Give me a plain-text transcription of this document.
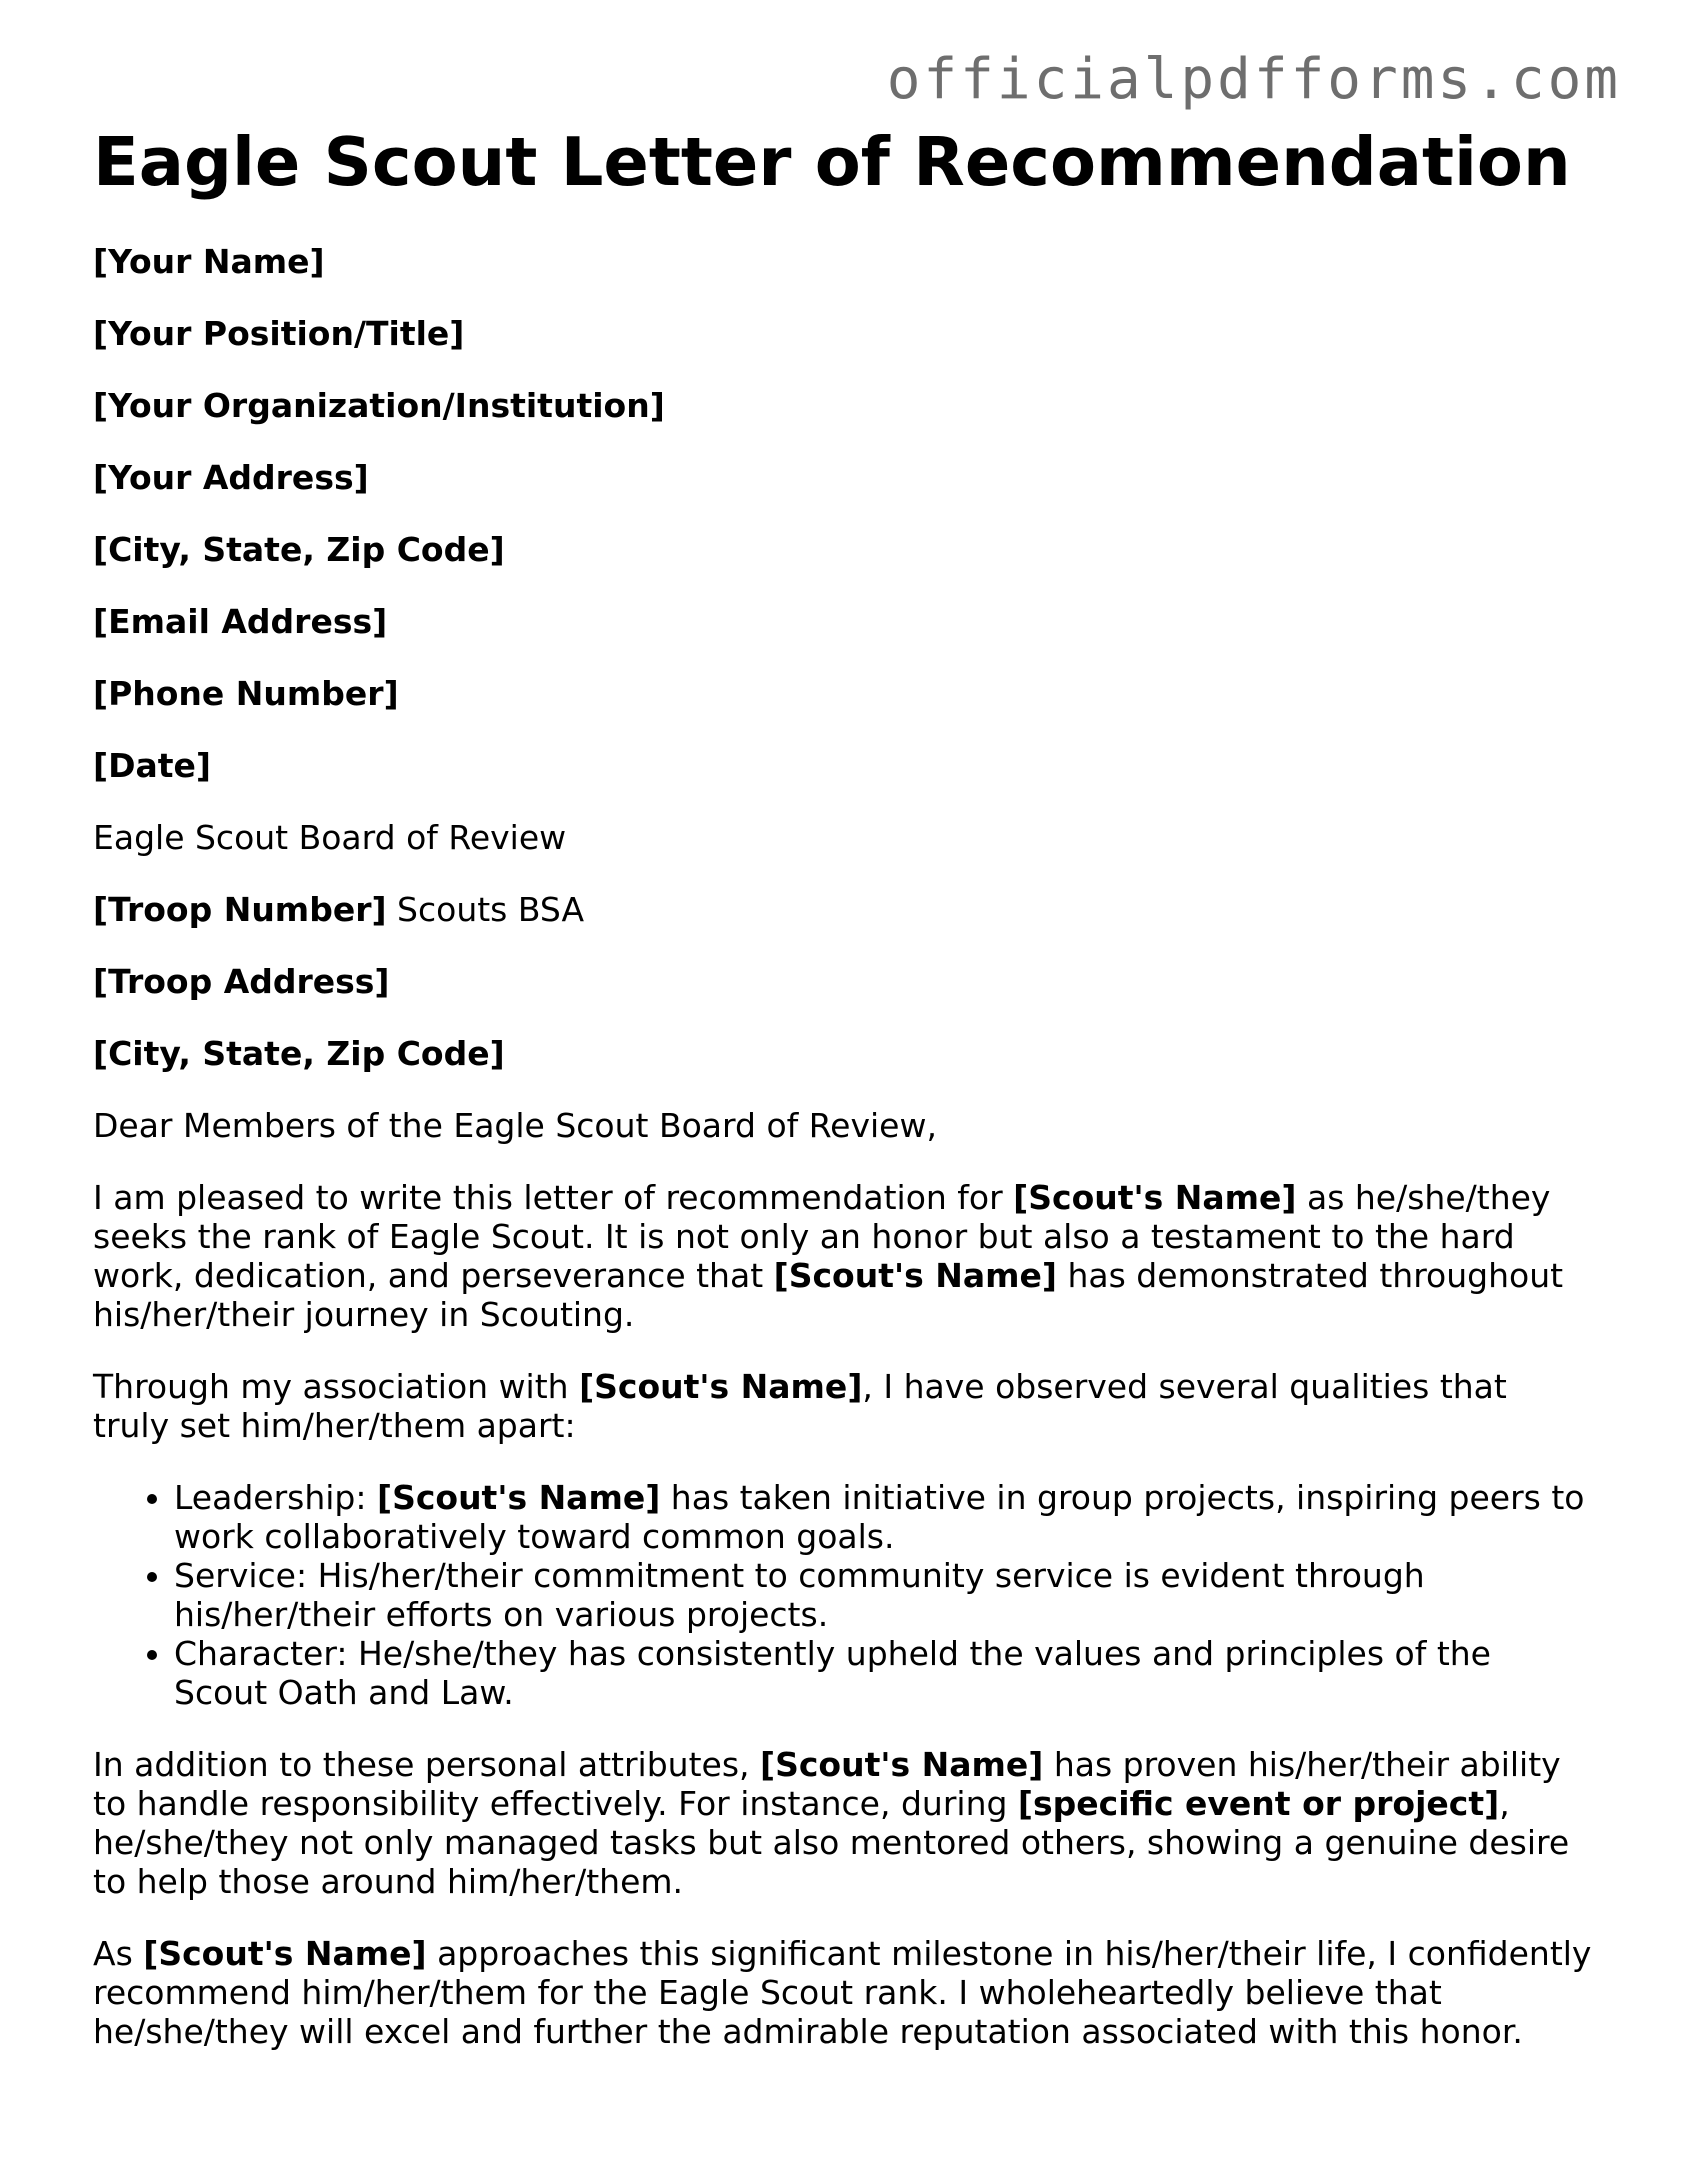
officialpdfforms.com
Eagle Scout Letter of Recommendation

[Your Name]

[Your Position/Title]

[Your Organization/Institution]

[Your Address]

[City, State, Zip Code]

[Email Address]

[Phone Number]

[Date]

Eagle Scout Board of Review

[Troop Number] Scouts BSA

[Troop Address]

[City, State, Zip Code]

Dear Members of the Eagle Scout Board of Review,

I am pleased to write this letter of recommendation for [Scout's Name] as he/she/they seeks the rank of Eagle Scout. It is not only an honor but also a testament to the hard work, dedication, and perseverance that [Scout's Name] has demonstrated throughout his/her/their journey in Scouting.

Through my association with [Scout's Name], I have observed several qualities that truly set him/her/them apart:

• Leadership: [Scout's Name] has taken initiative in group projects, inspiring peers to work collaboratively toward common goals.
• Service: His/her/their commitment to community service is evident through his/her/their efforts on various projects.
• Character: He/she/they has consistently upheld the values and principles of the Scout Oath and Law.

In addition to these personal attributes, [Scout's Name] has proven his/her/their ability to handle responsibility effectively. For instance, during [specific event or project], he/she/they not only managed tasks but also mentored others, showing a genuine desire to help those around him/her/them.

As [Scout's Name] approaches this significant milestone in his/her/their life, I confidently recommend him/her/them for the Eagle Scout rank. I wholeheartedly believe that he/she/they will excel and further the admirable reputation associated with this honor.
